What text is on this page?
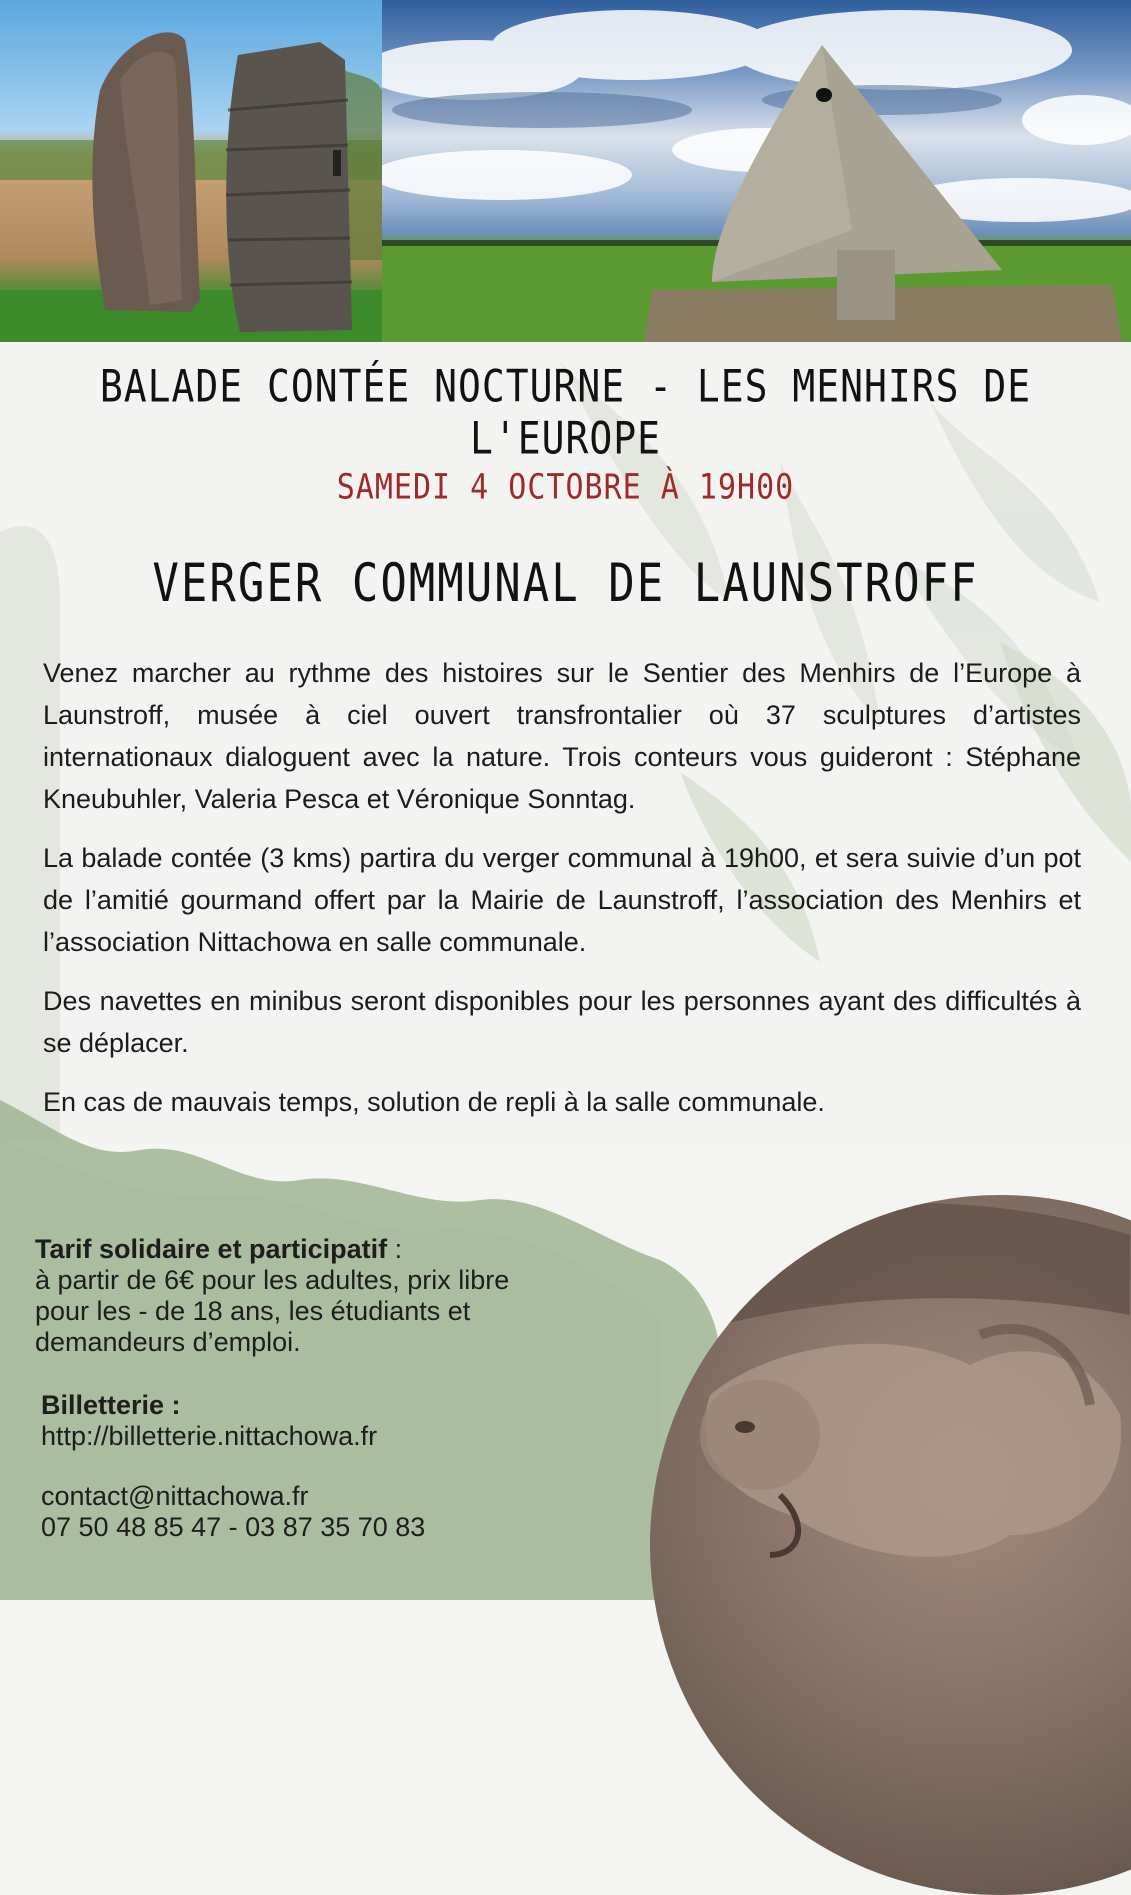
BALADE CONTÉE NOCTURNE - LES MENHIRS DE L'EUROPE
SAMEDI 4 OCTOBRE À 19H00
VERGER COMMUNAL DE LAUNSTROFF

Venez marcher au rythme des histoires sur le Sentier des Menhirs de l’Europe à Launstroff, musée à ciel ouvert transfrontalier où 37 sculptures d’artistes internationaux dialoguent avec la nature. Trois conteurs vous guideront : Stéphane Kneubuhler, Valeria Pesca et Véronique Sonntag.

La balade contée (3 kms) partira du verger communal à 19h00, et sera suivie d’un pot de l’amitié gourmand offert par la Mairie de Launstroff, l’association des Menhirs et l’association Nittachowa en salle communale.

Des navettes en minibus seront disponibles pour les personnes ayant des difficultés à se déplacer.

En cas de mauvais temps, solution de repli à la salle communale.

Tarif solidaire et participatif :
à partir de 6€ pour les adultes, prix libre
pour les - de 18 ans, les étudiants et
demandeurs d’emploi.
Billetterie :
http://billetterie.nittachowa.fr
contact@nittachowa.fr
07 50 48 85 47 - 03 87 35 70 83
